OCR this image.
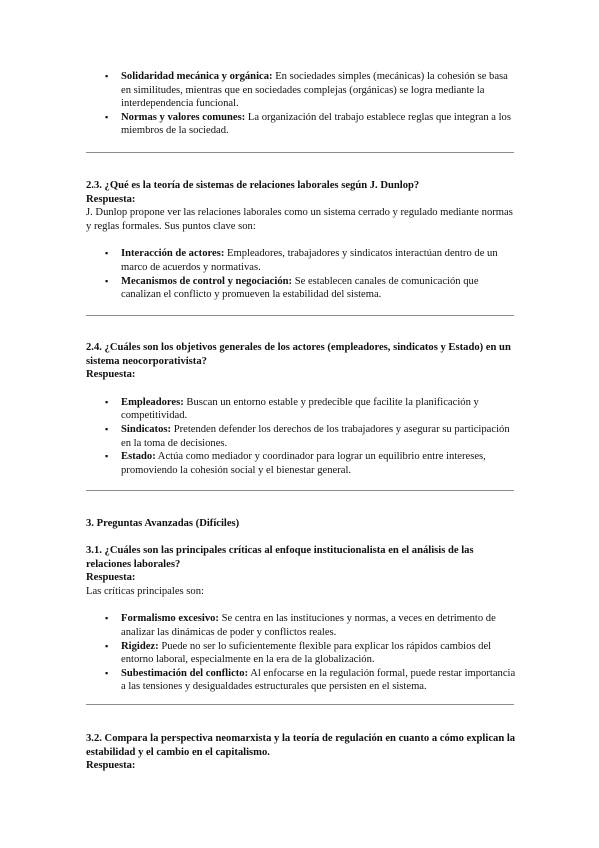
▪ Solidaridad mecánica y orgánica: En sociedades simples (mecánicas) la cohesión se basa en similitudes, mientras que en sociedades complejas (orgánicas) se logra mediante la interdependencia funcional.
▪ Normas y valores comunes: La organización del trabajo establece reglas que integran a los miembros de la sociedad.
2.3. ¿Qué es la teoría de sistemas de relaciones laborales según J. Dunlop?
Respuesta:

J. Dunlop propone ver las relaciones laborales como un sistema cerrado y regulado mediante normas y reglas formales. Sus puntos clave son:

▪ Interacción de actores: Empleadores, trabajadores y sindicatos interactúan dentro de un marco de acuerdos y normativas.
▪ Mecanismos de control y negociación: Se establecen canales de comunicación que canalizan el conflicto y promueven la estabilidad del sistema.
2.4. ¿Cuáles son los objetivos generales de los actores (empleadores, sindicatos y Estado) en un sistema neocorporativista?
Respuesta:
▪ Empleadores: Buscan un entorno estable y predecible que facilite la planificación y competitividad.
▪ Sindicatos: Pretenden defender los derechos de los trabajadores y asegurar su participación en la toma de decisiones.
▪ Estado: Actúa como mediador y coordinador para lograr un equilibrio entre intereses, promoviendo la cohesión social y el bienestar general.
3. Preguntas Avanzadas (Difíciles)
3.1. ¿Cuáles son las principales críticas al enfoque institucionalista en el análisis de las relaciones laborales?
Respuesta:

Las críticas principales son:

▪ Formalismo excesivo: Se centra en las instituciones y normas, a veces en detrimento de analizar las dinámicas de poder y conflictos reales.
▪ Rigidez: Puede no ser lo suficientemente flexible para explicar los rápidos cambios del entorno laboral, especialmente en la era de la globalización.
▪ Subestimación del conflicto: Al enfocarse en la regulación formal, puede restar importancia a las tensiones y desigualdades estructurales que persisten en el sistema.
3.2. Compara la perspectiva neomarxista y la teoría de regulación en cuanto a cómo explican la estabilidad y el cambio en el capitalismo.
Respuesta:
